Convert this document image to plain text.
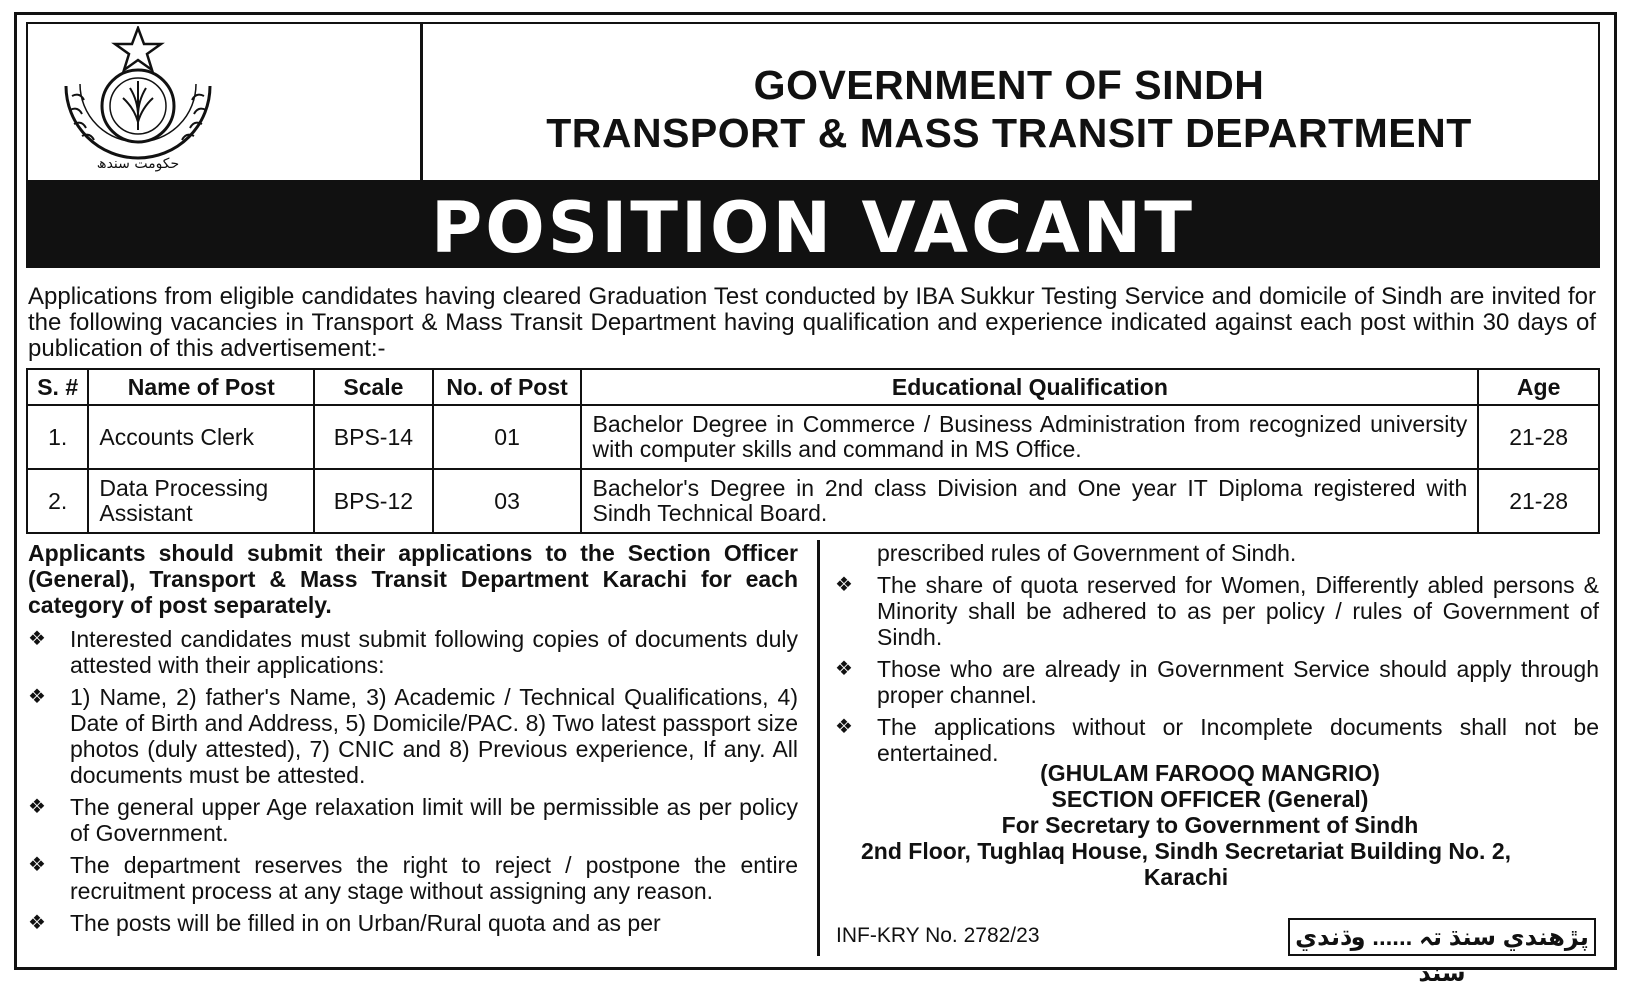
حکومت سندھ
GOVERNMENT OF SINDH
TRANSPORT & MASS TRANSIT DEPARTMENT
POSITION VACANT
Applications from eligible candidates having cleared Graduation Test conducted by IBA Sukkur Testing Service and domicile of Sindh are invited for the following vacancies in Transport & Mass Transit Department having qualification and experience indicated against each post within 30 days of publication of this advertisement:-
S. #	Name of Post	Scale	No. of Post	Educational Qualification	Age
1.	Accounts Clerk	BPS-14	01	Bachelor Degree in Commerce / Business Administration from recognized university with computer skills and command in MS Office.	21-28
2.	Data Processing Assistant	BPS-12	03	Bachelor's Degree in 2nd class Division and One year IT Diploma registered with Sindh Technical Board.	21-28
Applicants should submit their applications to the Section Officer (General), Transport & Mass Transit Department Karachi for each category of post separately.
❖ Interested candidates must submit following copies of documents duly attested with their applications:
❖ 1) Name, 2) father's Name, 3) Academic / Technical Qualifications, 4) Date of Birth and Address, 5) Domicile/PAC. 8) Two latest passport size photos (duly attested), 7) CNIC and 8) Previous experience, If any. All documents must be attested.
❖ The general upper Age relaxation limit will be permissible as per policy of Government.
❖ The department reserves the right to reject / postpone the entire recruitment process at any stage without assigning any reason.
❖ The posts will be filled in on Urban/Rural quota and as per
prescribed rules of Government of Sindh.
❖ The share of quota reserved for Women, Differently abled persons & Minority shall be adhered to as per policy / rules of Government of Sindh.
❖ Those who are already in Government Service should apply through proper channel.
❖ The applications without or Incomplete documents shall not be entertained.
(GHULAM FAROOQ MANGRIO)
SECTION OFFICER (General)
For Secretary to Government of Sindh
2nd Floor, Tughlaq House, Sindh Secretariat Building No. 2,
Karachi
INF-KRY No. 2782/23	پڙهندي سنڌ تہ ...... وڌندي سنڌ
